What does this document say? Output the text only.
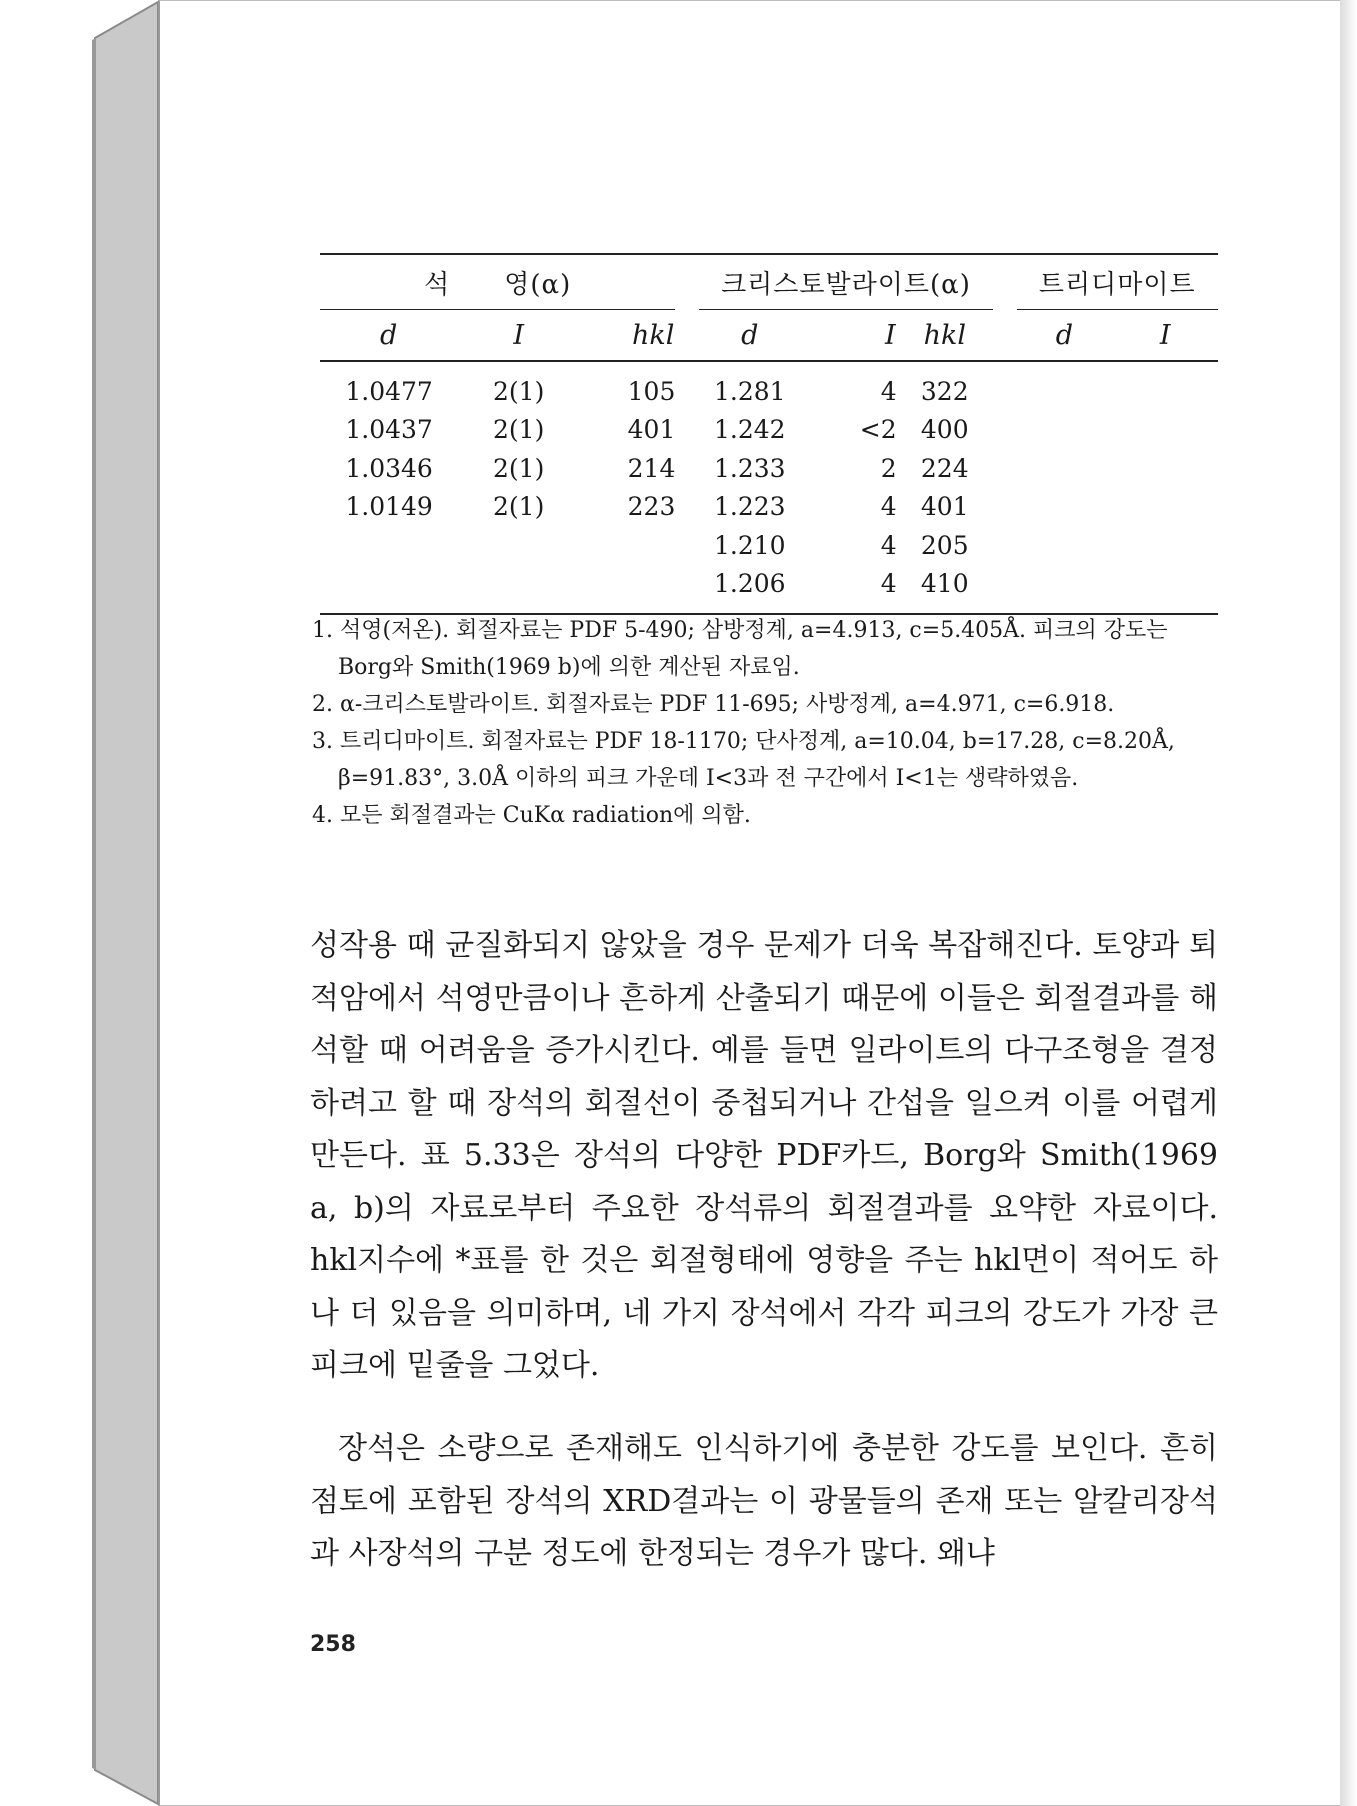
석　　영(α)				크리스토발라이트(α)				트리디마이트	
d	I	hkl		d	I	hkl		d	I
1.0477	2(1)	105		1.281	4	322			
1.0437	2(1)	401		1.242	<2	400			
1.0346	2(1)	214		1.233	2	224			
1.0149	2(1)	223		1.223	4	401			
				1.210	4	205			
				1.206	4	410			
1. 석영(저온). 회절자료는 PDF 5-490; 삼방정계, a=4.913, c=5.405Å. 피크의 강도는 Borg와 Smith(1969 b)에 의한 계산된 자료임.
2. α-크리스토발라이트. 회절자료는 PDF 11-695; 사방정계, a=4.971, c=6.918.
3. 트리디마이트. 회절자료는 PDF 18-1170; 단사정계, a=10.04, b=17.28, c=8.20Å, β=91.83°, 3.0Å 이하의 피크 가운데 I<3과 전 구간에서 I<1는 생략하였음.
4. 모든 회절결과는 CuKα radiation에 의함.

성작용 때 균질화되지 않았을 경우 문제가 더욱 복잡해진다. 토양과 퇴적암에서 석영만큼이나 흔하게 산출되기 때문에 이들은 회절결과를 해석할 때 어려움을 증가시킨다. 예를 들면 일라이트의 다구조형을 결정하려고 할 때 장석의 회절선이 중첩되거나 간섭을 일으켜 이를 어렵게 만든다. 표 5.33은 장석의 다양한 PDF카드, Borg와 Smith(1969 a, b)의 자료로부터 주요한 장석류의 회절결과를 요약한 자료이다. hkl지수에 *표를 한 것은 회절형태에 영향을 주는 hkl면이 적어도 하나 더 있음을 의미하며, 네 가지 장석에서 각각 피크의 강도가 가장 큰 피크에 밑줄을 그었다.

장석은 소량으로 존재해도 인식하기에 충분한 강도를 보인다. 흔히 점토에 포함된 장석의 XRD결과는 이 광물들의 존재 또는 알칼리장석과 사장석의 구분 정도에 한정되는 경우가 많다. 왜냐

258
